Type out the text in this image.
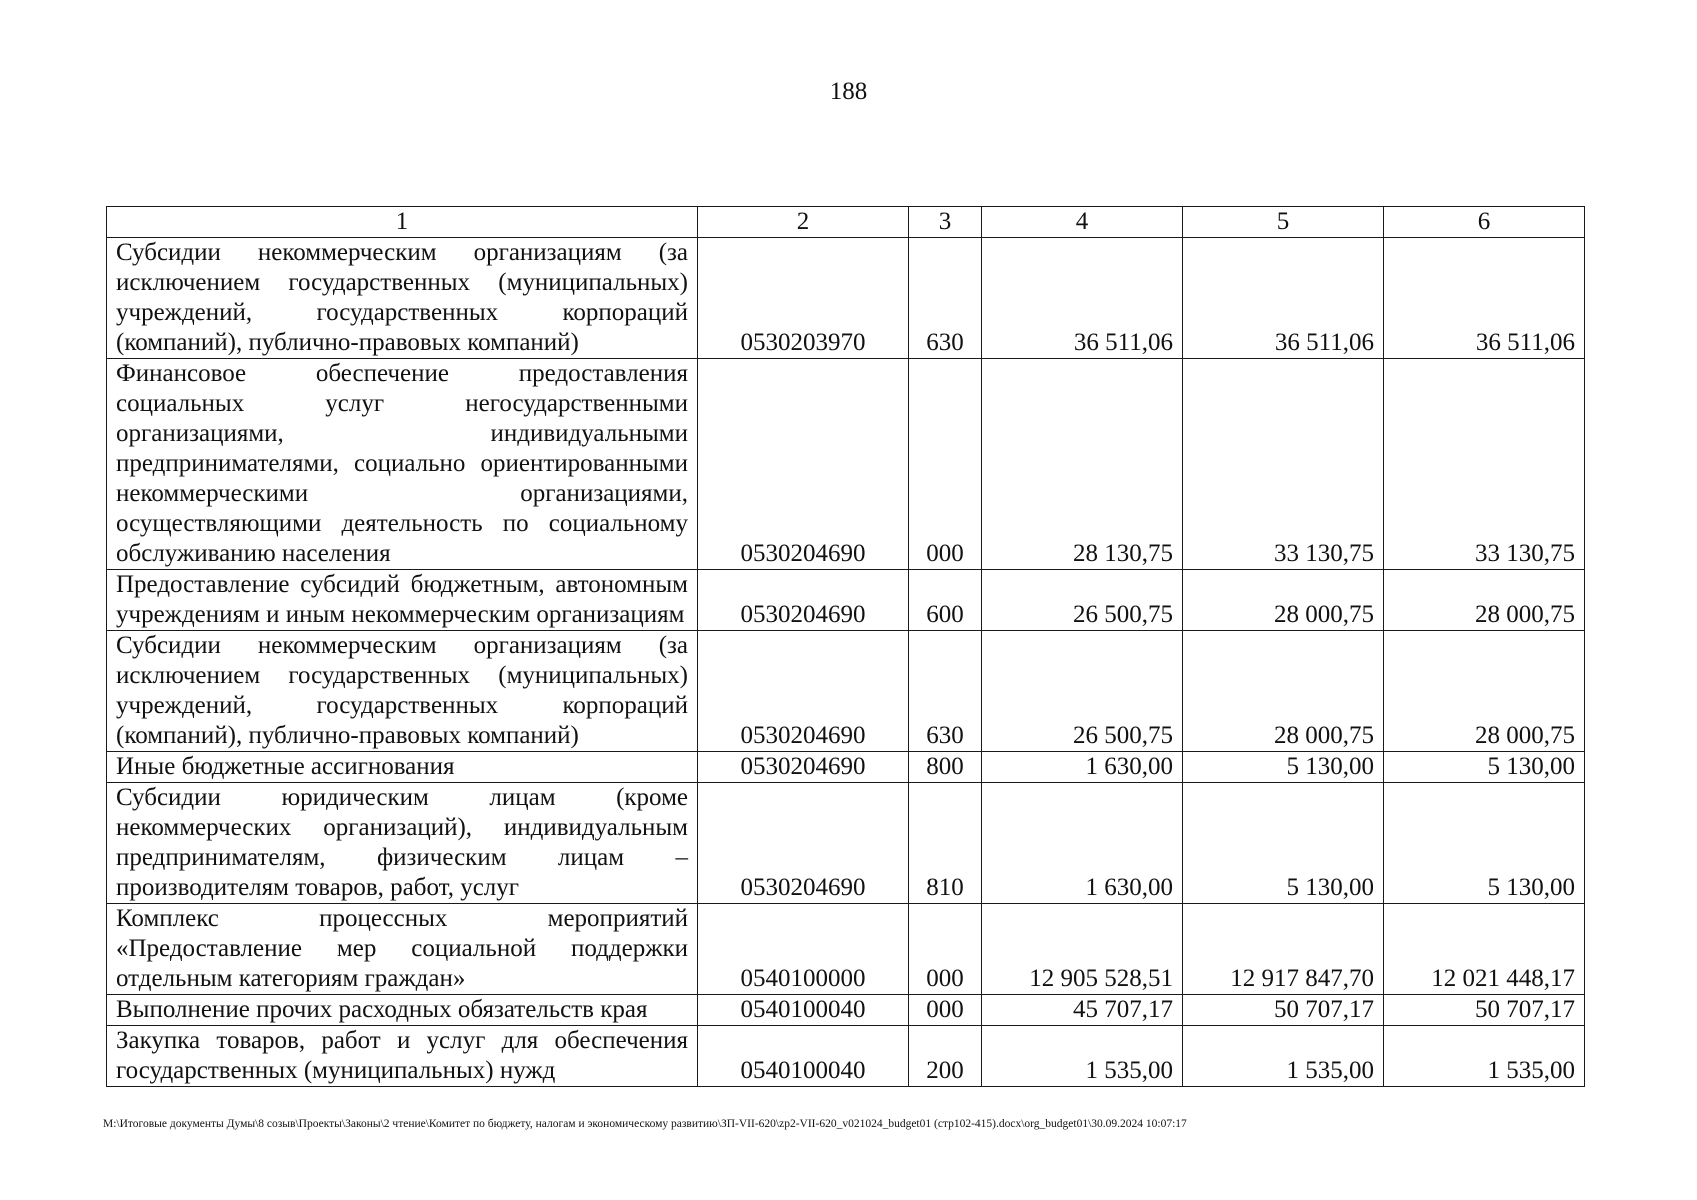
188
1	2	3	4	5	6
Субсидии некоммерческим организациям (за исключением государственных (муниципальных) учреждений, государственных корпораций (компаний), публично-правовых компаний)	0530203970	630	36 511,06	36 511,06	36 511,06
Финансовое обеспечение предоставления социальных услуг негосударственными организациями, индивидуальными предпринимателями, социально ориентированными некоммерческими организациями, осуществляющими деятельность по социальному обслуживанию населения	0530204690	000	28 130,75	33 130,75	33 130,75
Предоставление субсидий бюджетным, автономным учреждениям и иным некоммерческим организациям	0530204690	600	26 500,75	28 000,75	28 000,75
Субсидии некоммерческим организациям (за исключением государственных (муниципальных) учреждений, государственных корпораций (компаний), публично-правовых компаний)	0530204690	630	26 500,75	28 000,75	28 000,75
Иные бюджетные ассигнования	0530204690	800	1 630,00	5 130,00	5 130,00
Субсидии юридическим лицам (кроме некоммерческих организаций), индивидуальным предпринимателям, физическим лицам – производителям товаров, работ, услуг	0530204690	810	1 630,00	5 130,00	5 130,00
Комплекс процессных мероприятий «Предоставление мер социальной поддержки отдельным категориям граждан»	0540100000	000	12 905 528,51	12 917 847,70	12 021 448,17
Выполнение прочих расходных обязательств края	0540100040	000	45 707,17	50 707,17	50 707,17
Закупка товаров, работ и услуг для обеспечения государственных (муниципальных) нужд	0540100040	200	1 535,00	1 535,00	1 535,00
M:\Итоговые документы Думы\8 созыв\Проекты\Законы\2 чтение\Комитет по бюджету, налогам и экономическому развитию\ЗП-VII-620\zp2-VII-620_v021024_budget01 (стр102-415).docx\org_budget01\30.09.2024 10:07:17
